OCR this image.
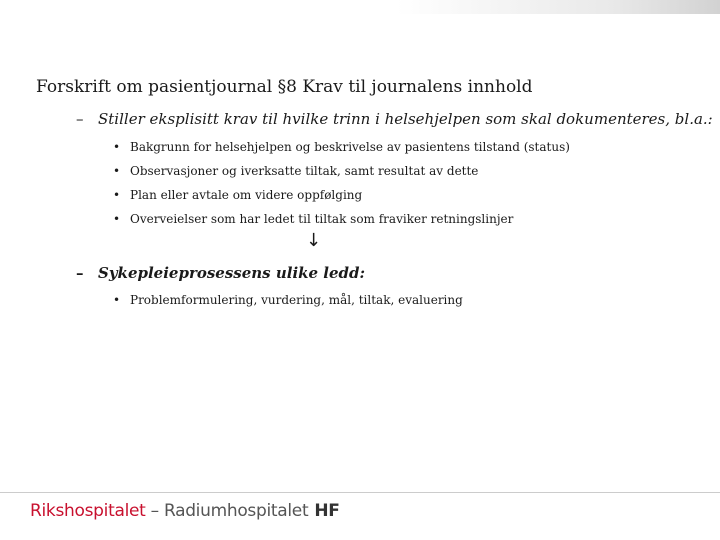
Forskrift om pasientjournal §8 Krav til journalens innhold
– Stiller eksplisitt krav til hvilke trinn i helsehjelpen som skal dokumenteres, bl.a.:
• Bakgrunn for helsehjelpen og beskrivelse av pasientens tilstand (status)
• Observasjoner og iverksatte tiltak, samt resultat av dette
• Plan eller avtale om videre oppfølging
• Overveielser som har ledet til tiltak som fraviker retningslinjer
↓
– Sykepleieprosessens ulike ledd:
• Problemformulering, vurdering, mål, tiltak, evaluering
Rikshospitalet – Radiumhospitalet HF
